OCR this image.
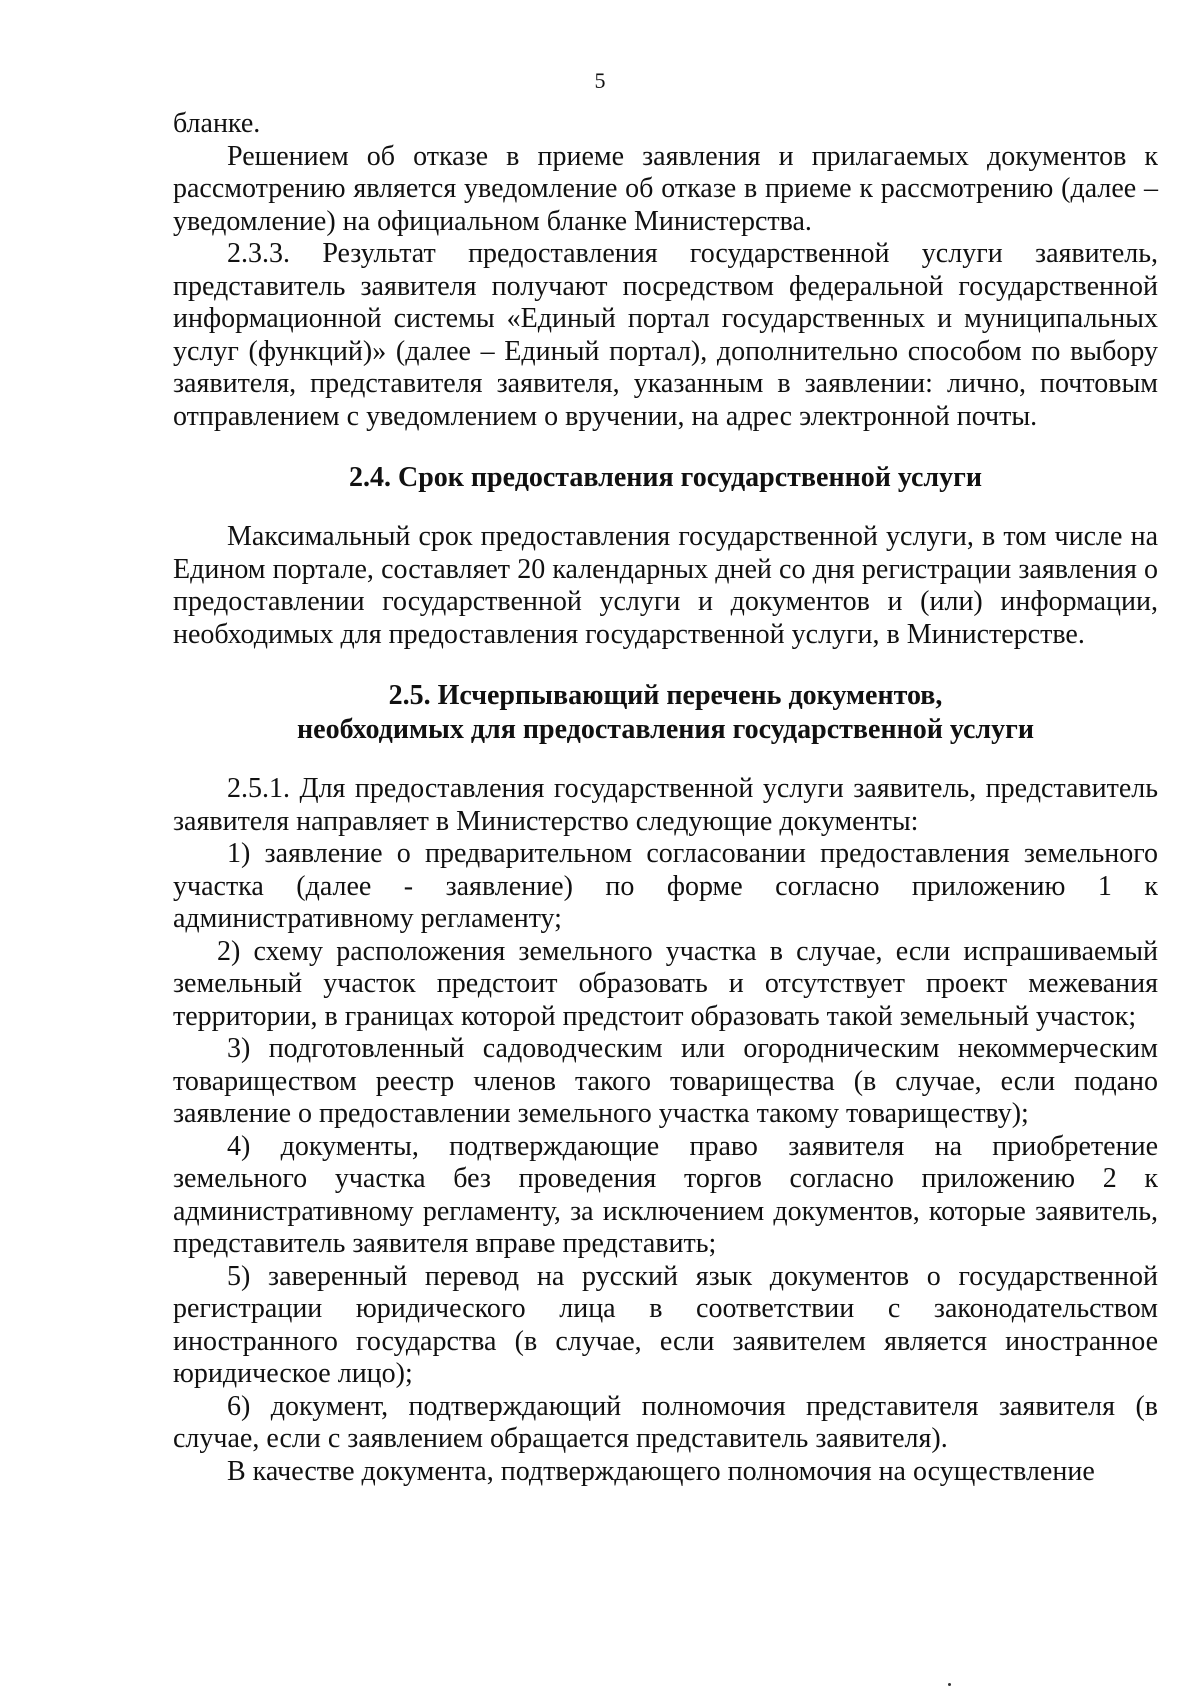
5

бланке.

Решением об отказе в приеме заявления и прилагаемых документов к рассмотрению является уведомление об отказе в приеме к рассмотрению (далее – уведомление) на официальном бланке Министерства.

2.3.3. Результат предоставления государственной услуги заявитель, представитель заявителя получают посредством федеральной государственной информационной системы «Единый портал государственных и муниципальных услуг (функций)» (далее – Единый портал), дополнительно способом по выбору заявителя, представителя заявителя, указанным в заявлении: лично, почтовым отправлением с уведомлением о вручении, на адрес электронной почты.

2.4. Срок предоставления государственной услуги

Максимальный срок предоставления государственной услуги, в том числе на Едином портале, составляет 20 календарных дней со дня регистрации заявления о предоставлении государственной услуги и документов и (или) информации, необходимых для предоставления государственной услуги, в Министерстве.

2.5. Исчерпывающий перечень документов,

необходимых для предоставления государственной услуги

2.5.1. Для предоставления государственной услуги заявитель, представитель заявителя направляет в Министерство следующие документы:

1) заявление о предварительном согласовании предоставления земельного участка (далее - заявление) по форме согласно приложению 1 к административному регламенту;

2) схему расположения земельного участка в случае, если испрашиваемый земельный участок предстоит образовать и отсутствует проект межевания территории, в границах которой предстоит образовать такой земельный участок;

3) подготовленный садоводческим или огородническим некоммерческим товариществом реестр членов такого товарищества (в случае, если подано заявление о предоставлении земельного участка такому товариществу);

4) документы, подтверждающие право заявителя на приобретение земельного участка без проведения торгов согласно приложению 2 к административному регламенту, за исключением документов, которые заявитель, представитель заявителя вправе представить;

5) заверенный перевод на русский язык документов о государственной регистрации юридического лица в соответствии с законодательством иностранного государства (в случае, если заявителем является иностранное юридическое лицо);

6) документ, подтверждающий полномочия представителя заявителя (в случае, если с заявлением обращается представитель заявителя).

В качестве документа, подтверждающего полномочия на осуществление
